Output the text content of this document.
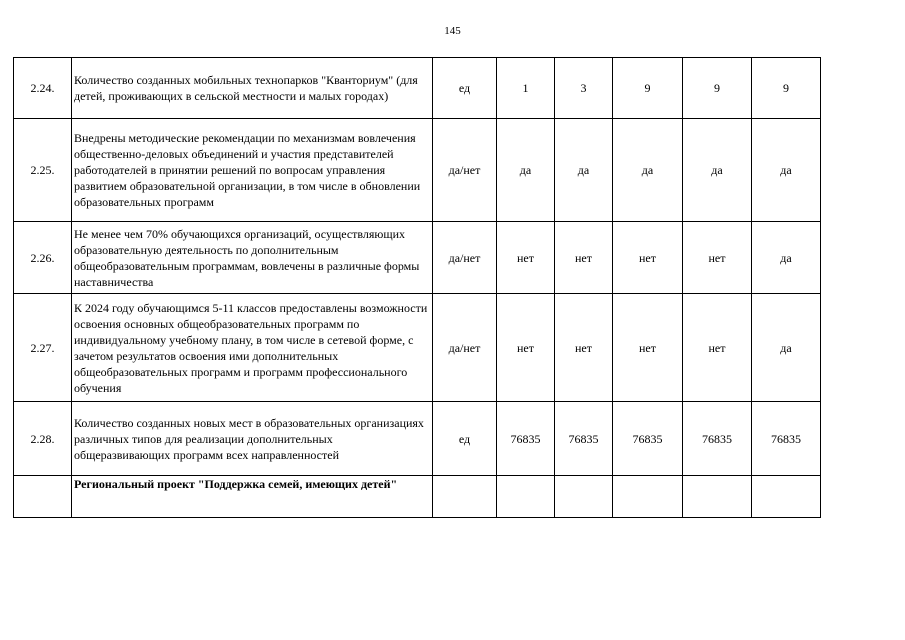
145
2.24.	Количество созданных мобильных технопарков "Кванториум" (для детей, проживающих в сельской местности и малых городах)	ед	1	3	9	9	9
2.25.	Внедрены методические рекомендации по механизмам вовлечения общественно-деловых объединений и участия представителей работодателей в принятии решений по вопросам управления развитием образовательной организации, в том числе в обновлении образовательных программ	да/нет	да	да	да	да	да
2.26.	Не менее чем 70% обучающихся организаций, осуществляющих образовательную деятельность по дополнительным общеобразовательным программам, вовлечены в различные формы наставничества	да/нет	нет	нет	нет	нет	да
2.27.	К 2024 году обучающимся 5-11 классов предоставлены возможности освоения основных общеобразовательных программ по индивидуальному учебному плану, в том числе в сетевой форме, с зачетом результатов освоения ими дополнительных общеобразовательных программ и программ профессионального обучения	да/нет	нет	нет	нет	нет	да
2.28.	Количество созданных новых мест в образовательных организациях различных типов для реализации дополнительных общеразвивающих программ всех направленностей	ед	76835	76835	76835	76835	76835
	Региональный проект "Поддержка семей, имеющих детей"						
